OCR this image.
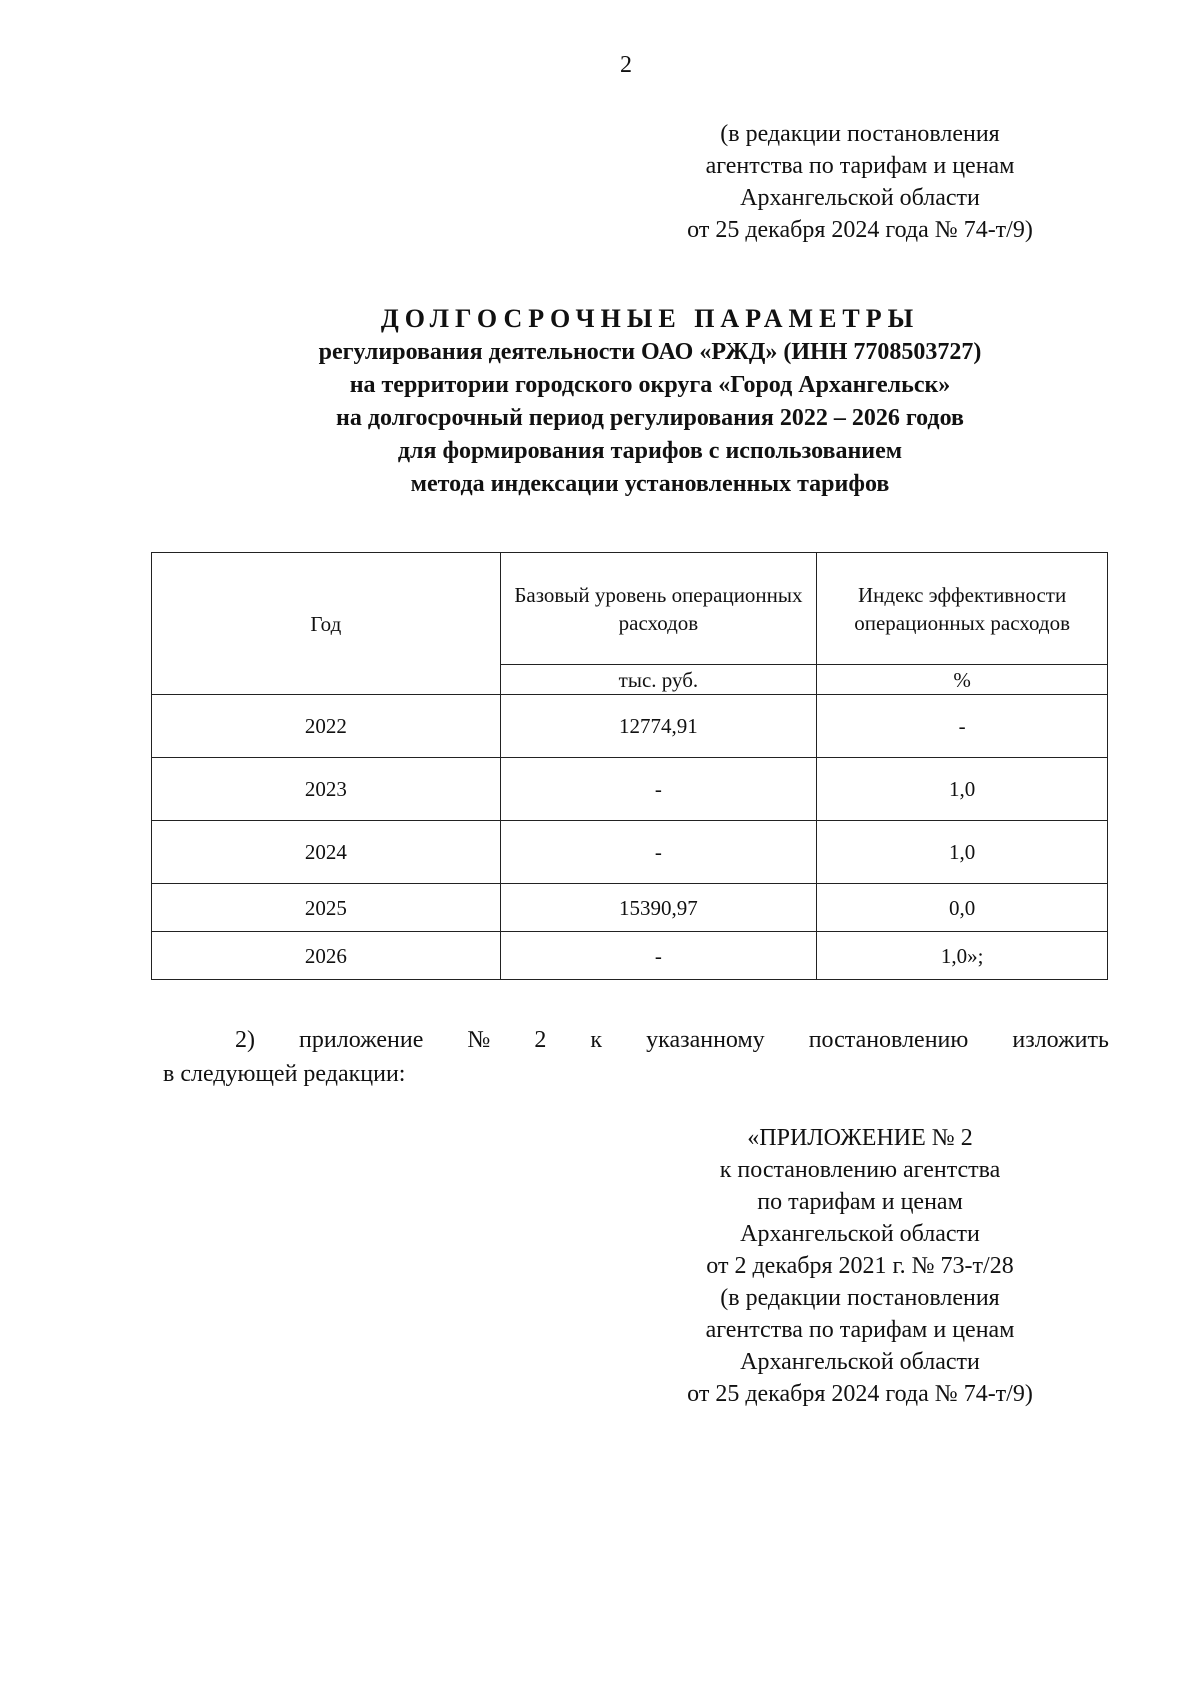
2
(в редакции постановления
агентства по тарифам и ценам
Архангельской области
от 25 декабря 2024 года № 74-т/9)
ДОЛГОСРОЧНЫЕ ПАРАМЕТРЫ
регулирования деятельности ОАО «РЖД» (ИНН 7708503727)
на территории городского округа «Город Архангельск»
на долгосрочный период регулирования 2022 – 2026 годов
для формирования тарифов с использованием
метода индексации установленных тарифов
Год	Базовый уровень операционных расходов	Индекс эффективности операционных расходов
	тыс. руб.	%
2022	12774,91	-
2023	-	1,0
2024	-	1,0
2025	15390,97	0,0
2026	-	1,0»;
2) приложение № 2 к указанному постановлению изложить
в следующей редакции:
«ПРИЛОЖЕНИЕ № 2
к постановлению агентства
по тарифам и ценам
Архангельской области
от 2 декабря 2021 г. № 73-т/28
(в редакции постановления
агентства по тарифам и ценам
Архангельской области
от 25 декабря 2024 года № 74-т/9)
